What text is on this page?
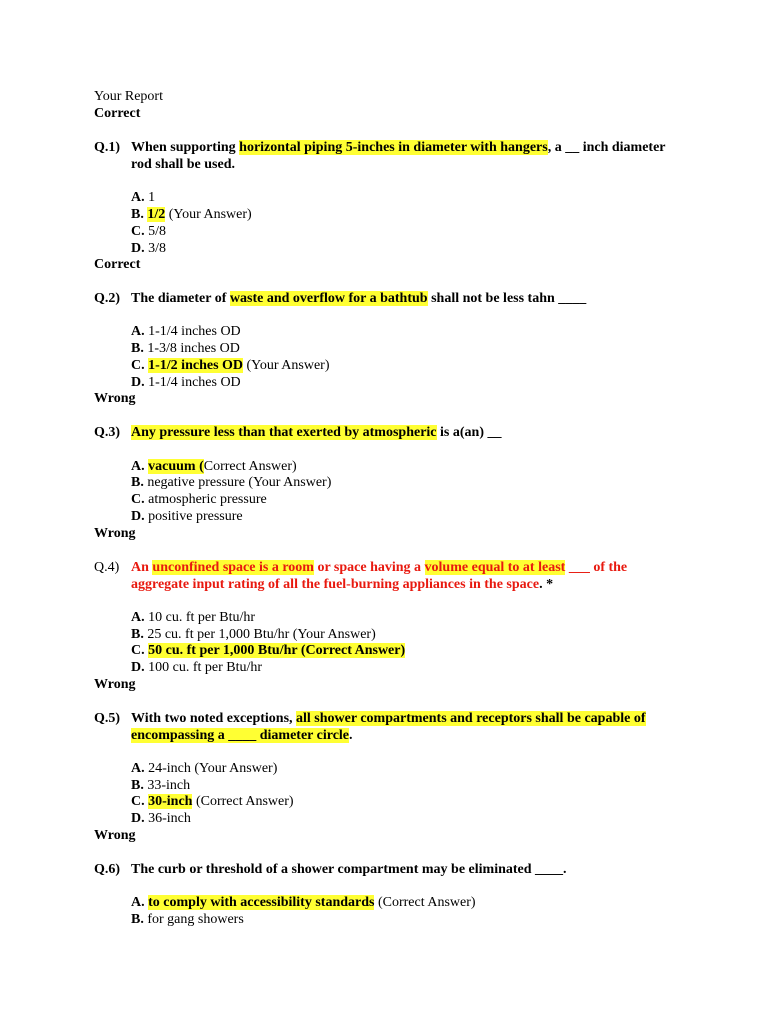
Your Report
Correct
Q.1) When supporting horizontal piping 5-inches in diameter with hangers, a __ inch diameter rod shall be used.
A. 1
B. 1/2 (Your Answer)
C. 5/8
D. 3/8
Correct
Q.2) The diameter of waste and overflow for a bathtub shall not be less tahn ____
A. 1-1/4 inches OD
B. 1-3/8 inches OD
C. 1-1/2 inches OD (Your Answer)
D. 1-1/4 inches OD
Wrong
Q.3) Any pressure less than that exerted by atmospheric is a(an) __
A. vacuum (Correct Answer)
B. negative pressure (Your Answer)
C. atmospheric pressure
D. positive pressure
Wrong
Q.4) An unconfined space is a room or space having a volume equal to at least ___ of the aggregate input rating of all the fuel-burning appliances in the space. *
A. 10 cu. ft per Btu/hr
B. 25 cu. ft per 1,000 Btu/hr (Your Answer)
C. 50 cu. ft per 1,000 Btu/hr (Correct Answer)
D. 100 cu. ft per Btu/hr
Wrong
Q.5) With two noted exceptions, all shower compartments and receptors shall be capable of encompassing a ____ diameter circle.
A. 24-inch (Your Answer)
B. 33-inch
C. 30-inch (Correct Answer)
D. 36-inch
Wrong
Q.6) The curb or threshold of a shower compartment may be eliminated ____.
A. to comply with accessibility standards (Correct Answer)
B. for gang showers
